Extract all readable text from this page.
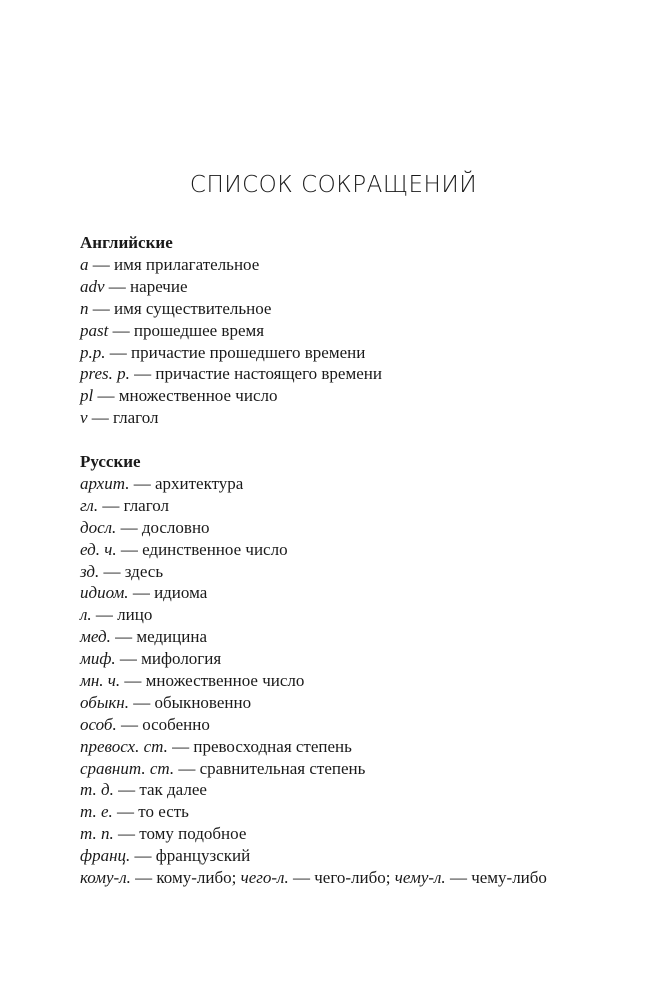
СПИСОК СОКРАЩЕНИЙ
Английские
a — имя прилагательное
adv — наречие
n — имя существительное
past — прошедшее время
p.p. — причастие прошедшего времени
pres. p. — причастие настоящего времени
pl — множественное число
v — глагол
Русские
архит. — архитектура
гл. — глагол
досл. — дословно
ед. ч. — единственное число
зд. — здесь
идиом. — идиома
л. — лицо
мед. — медицина
миф. — мифология
мн. ч. — множественное число
обыкн. — обыкновенно
особ. — особенно
превосх. ст. — превосходная степень
сравнит. ст. — сравнительная степень
т. д. — так далее
т. е. — то есть
т. п. — тому подобное
франц. — французский
кому-л. — кому-либо; чего-л. — чего-либо; чему-л. — чему-либо
